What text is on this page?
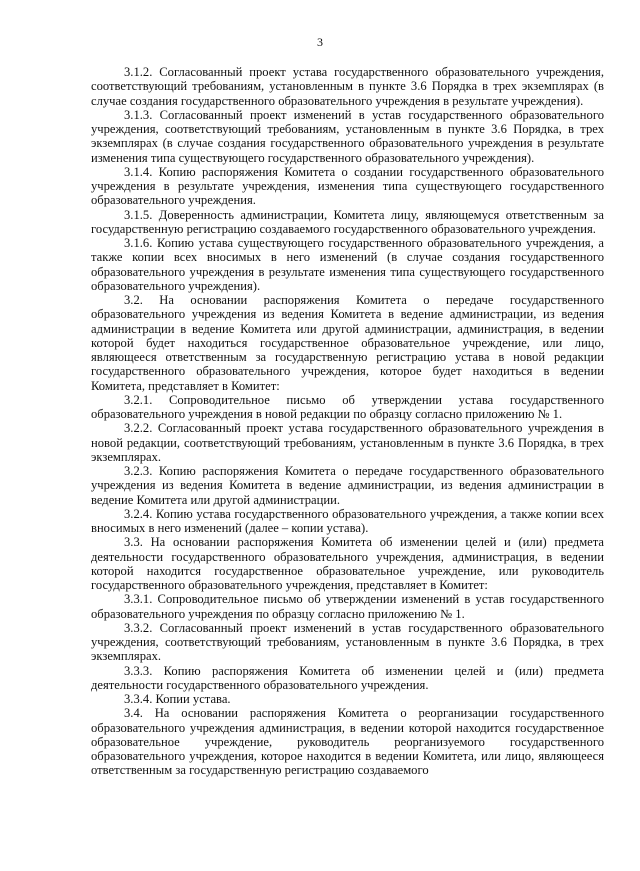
3

3.1.2. Согласованный проект устава государственного образовательного учреждения, соответствующий требованиям, установленным в пункте 3.6 Порядка в трех экземплярах (в случае создания государственного образовательного учреждения в результате учреждения).

3.1.3. Согласованный проект изменений в устав государственного образовательного учреждения, соответствующий требованиям, установленным в пункте 3.6 Порядка, в трех экземплярах (в случае создания государственного образовательного учреждения в результате изменения типа существующего государственного образовательного учреждения).

3.1.4. Копию распоряжения Комитета о создании государственного образовательного учреждения в результате учреждения, изменения типа существующего государственного образовательного учреждения.

3.1.5. Доверенность администрации, Комитета лицу, являющемуся ответственным за государственную регистрацию создаваемого государственного образовательного учреждения.

3.1.6. Копию устава существующего государственного образовательного учреждения, а также копии всех вносимых в него изменений (в случае создания государственного образовательного учреждения в результате изменения типа существующего государственного образовательного учреждения).

3.2. На основании распоряжения Комитета о передаче государственного образовательного учреждения из ведения Комитета в ведение администрации, из ведения администрации в ведение Комитета или другой администрации, администрация, в ведении которой будет находиться государственное образовательное учреждение, или лицо, являющееся ответственным за государственную регистрацию устава в новой редакции государственного образовательного учреждения, которое будет находиться в ведении Комитета, представляет в Комитет:

3.2.1. Сопроводительное письмо об утверждении устава государственного образовательного учреждения в новой редакции по образцу согласно приложению № 1.

3.2.2. Согласованный проект устава государственного образовательного учреждения в новой редакции, соответствующий требованиям, установленным в пункте 3.6 Порядка, в трех экземплярах.

3.2.3. Копию распоряжения Комитета о передаче государственного образовательного учреждения из ведения Комитета в ведение администрации, из ведения администрации в ведение Комитета или другой администрации.

3.2.4. Копию устава государственного образовательного учреждения, а также копии всех вносимых в него изменений (далее – копии устава).

3.3. На основании распоряжения Комитета об изменении целей и (или) предмета деятельности государственного образовательного учреждения, администрация, в ведении которой находится государственное образовательное учреждение, или руководитель государственного образовательного учреждения, представляет в Комитет:

3.3.1. Сопроводительное письмо об утверждении изменений в устав государственного образовательного учреждения по образцу согласно приложению № 1.

3.3.2. Согласованный проект изменений в устав государственного образовательного учреждения, соответствующий требованиям, установленным в пункте 3.6 Порядка, в трех экземплярах.

3.3.3. Копию распоряжения Комитета об изменении целей и (или) предмета деятельности государственного образовательного учреждения.

3.3.4. Копии устава.

3.4. На основании распоряжения Комитета о реорганизации государственного образовательного учреждения администрация, в ведении которой находится государственное образовательное учреждение, руководитель реорганизуемого государственного образовательного учреждения, которое находится в ведении Комитета, или лицо, являющееся ответственным за государственную регистрацию создаваемого
